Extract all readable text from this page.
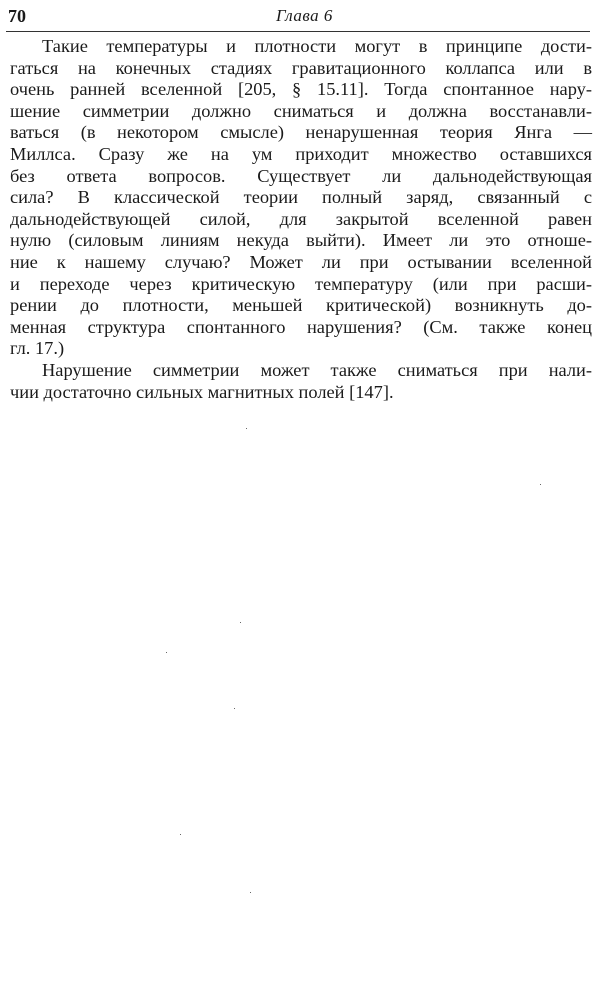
70	Глава 6

Такие температуры и плотности могут в принципе дости-
гаться на конечных стадиях гравитационного коллапса или в
очень ранней вселенной [205, § 15.11]. Тогда спонтанное нару-
шение симметрии должно сниматься и должна восстанавли-
ваться (в некотором смысле) ненарушенная теория Янга —
Миллса. Сразу же на ум приходит множество оставшихся
без ответа вопросов. Существует ли дальнодействующая
сила? В классической теории полный заряд, связанный с
дальнодействующей силой, для закрытой вселенной равен
нулю (силовым линиям некуда выйти). Имеет ли это отноше-
ние к нашему случаю? Может ли при остывании вселенной
и переходе через критическую температуру (или при расши-
рении до плотности, меньшей критической) возникнуть до-
менная структура спонтанного нарушения? (См. также конец
гл. 17.)

Нарушение симметрии может также сниматься при нали-
чии достаточно сильных магнитных полей [147].
